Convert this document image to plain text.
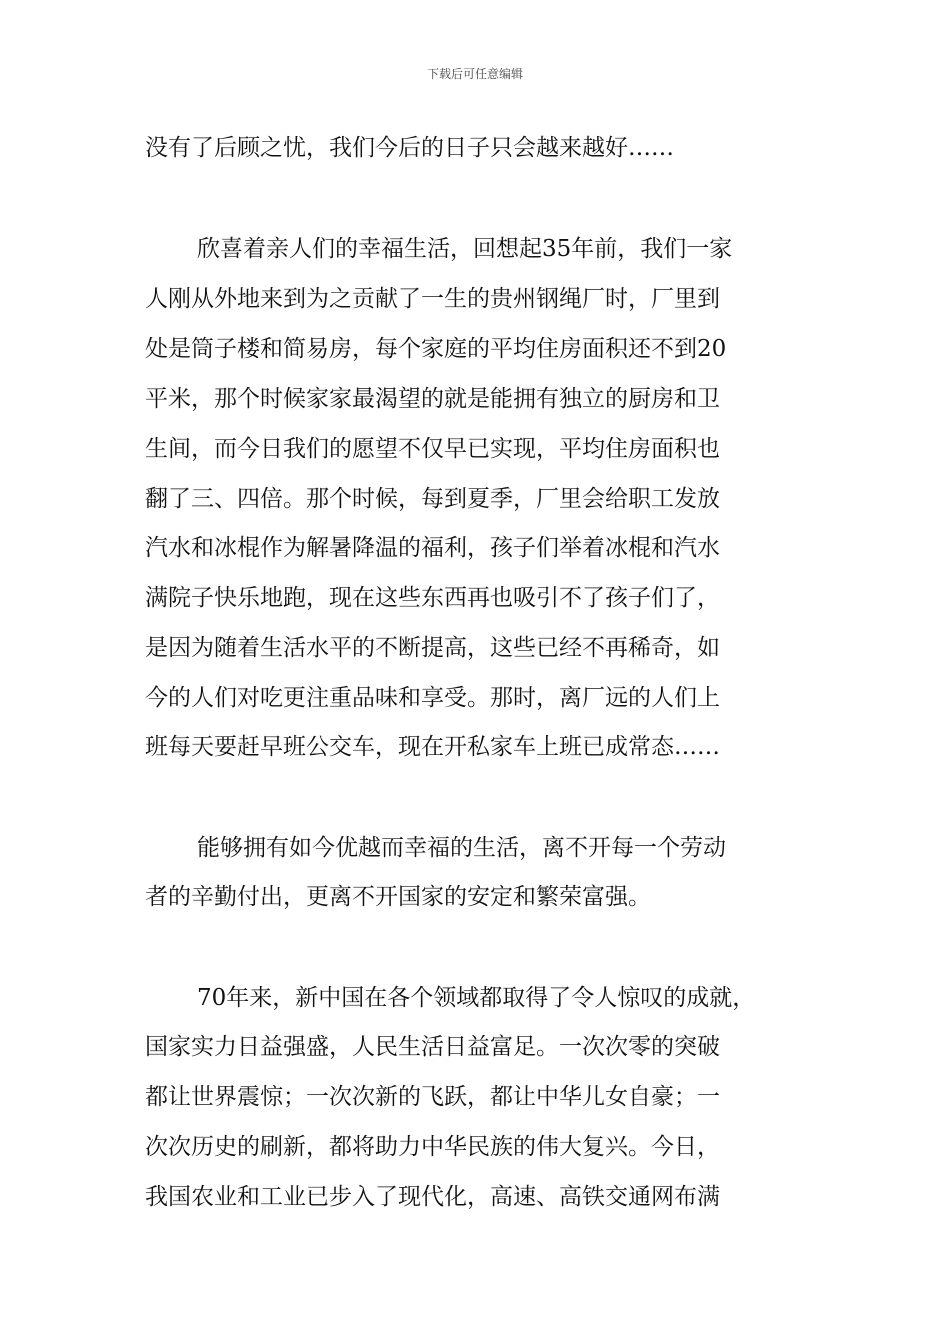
下载后可任意编辑
没有了后顾之忧，我们今后的日子只会越来越好……
欣喜着亲人们的幸福生活，回想起35年前，我们一家
人刚从外地来到为之贡献了一生的贵州钢绳厂时，厂里到
处是筒子楼和简易房，每个家庭的平均住房面积还不到20
平米，那个时候家家最渴望的就是能拥有独立的厨房和卫
生间，而今日我们的愿望不仅早已实现，平均住房面积也
翻了三、四倍。那个时候，每到夏季，厂里会给职工发放
汽水和冰棍作为解暑降温的福利，孩子们举着冰棍和汽水
满院子快乐地跑，现在这些东西再也吸引不了孩子们了，
是因为随着生活水平的不断提高，这些已经不再稀奇，如
今的人们对吃更注重品味和享受。那时，离厂远的人们上
班每天要赶早班公交车，现在开私家车上班已成常态……
能够拥有如今优越而幸福的生活，离不开每一个劳动
者的辛勤付出，更离不开国家的安定和繁荣富强。
70年来，新中国在各个领域都取得了令人惊叹的成就，
国家实力日益强盛，人民生活日益富足。一次次零的突破
都让世界震惊；一次次新的飞跃，都让中华儿女自豪；一
次次历史的刷新，都将助力中华民族的伟大复兴。今日，
我国农业和工业已步入了现代化，高速、高铁交通网布满
